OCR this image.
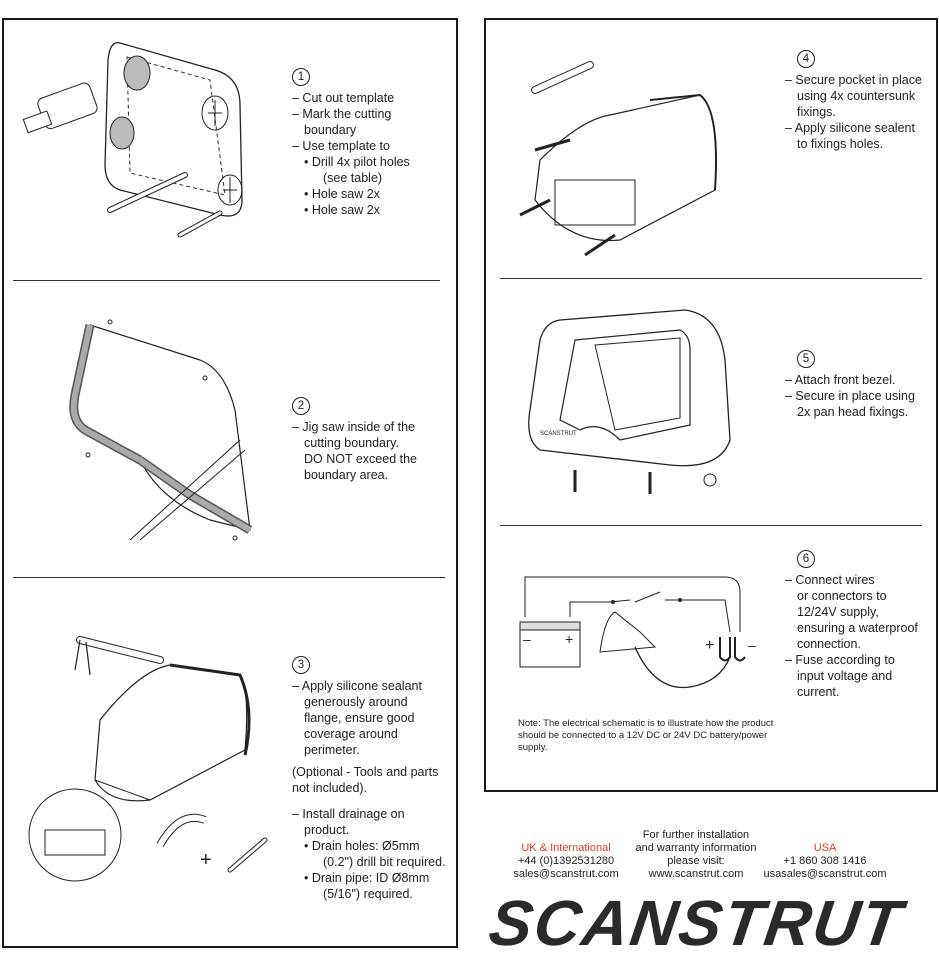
+
SCANSTRUT
– +	+ –
1
– Cut out template
– Mark the cutting
boundary
– Use template to
• Drill 4x pilot holes
(see table)
• Hole saw 2x
• Hole saw 2x
2
– Jig saw inside of the
cutting boundary.
DO NOT exceed the
boundary area.
3
– Apply silicone sealant
generously around
flange, ensure good
coverage around
perimeter.
(Optional - Tools and parts
not included).
– Install drainage on
product.
• Drain holes: Ø5mm
(0.2") drill bit required.
• Drain pipe: ID Ø8mm
(5/16") required.
4
– Secure pocket in place
using 4x countersunk
fixings.
– Apply silicone sealent
to fixings holes.
5
– Attach front bezel.
– Secure in place using
2x pan head fixings.
6
– Connect wires
or connectors to
12/24V supply,
ensuring a waterproof
connection.
– Fuse according to
input voltage and
current.
Note: The electrical schematic is to illustrate how the product should be connected to a 12V DC or 24V DC battery/power supply.
UK & International
+44 (0)1392531280
sales@scanstrut.com
For further installation
and warranty information
please visit:
www.scanstrut.com
USA
+1 860 308 1416
usasales@scanstrut.com
SCANSTRUT
